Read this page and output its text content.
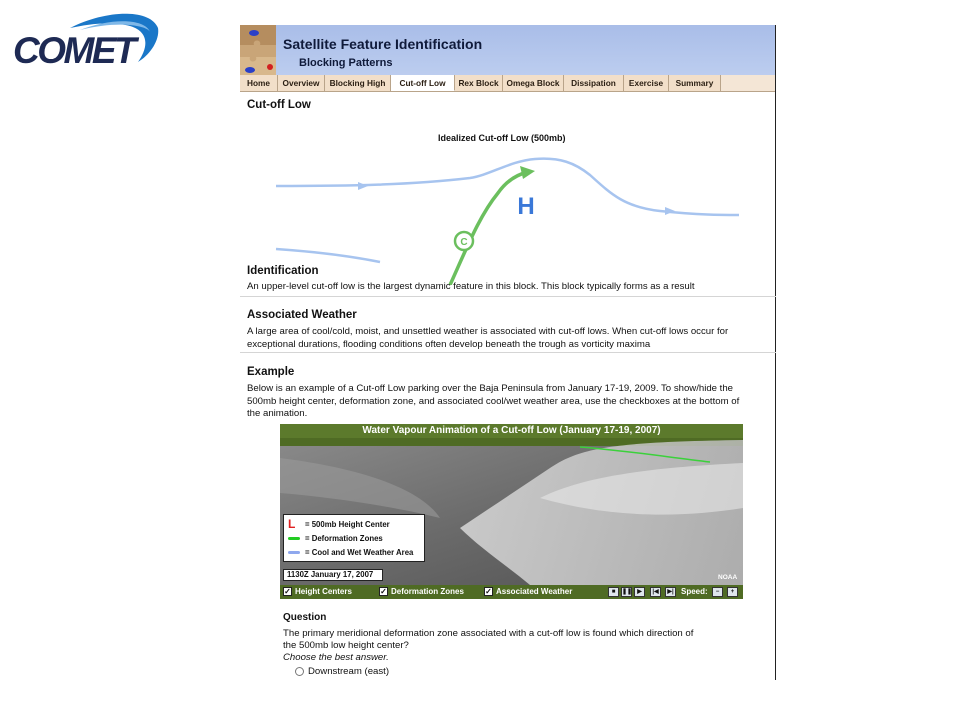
COMET	Satellite Feature Identification
Blocking Patterns
Home	Overview	Blocking High	Cut-off Low	Rex Block Omega Block	Dissipation	Exercise	Summary
Cut-off Low
C
H
Idealized Cut-off Low (500mb)
Identification
An upper-level cut-off low is the largest dynamic feature in this block. This block typically forms as a result
Associated Weather
A large area of cool/cold, moist, and unsettled weather is associated with cut-off lows. When cut-off lows occur for exceptional durations, flooding conditions often develop beneath the trough as vorticity maxima
Example
Below is an example of a Cut-off Low parking over the Baja Peninsula from January 17-19, 2009. To show/hide the 500mb height center, deformation zone, and associated cool/wet weather area, use the checkboxes at the bottom of the animation.
Water Vapour Animation of a Cut-off Low (January 17-19, 2007)
L	= 500mb Height Center
= Deformation Zones
= Cool and Wet Weather Area
1130Z January 17, 2007	NOAA
✓ Height Centers	✓ Deformation Zones	✓ Associated Weather	■	❚❚ ▶	|◀	▶| Speed:	−	+
Question
The primary meridional deformation zone associated with a cut-off low is found which direction of the 500mb low height center?
Choose the best answer.
Downstream (east)
